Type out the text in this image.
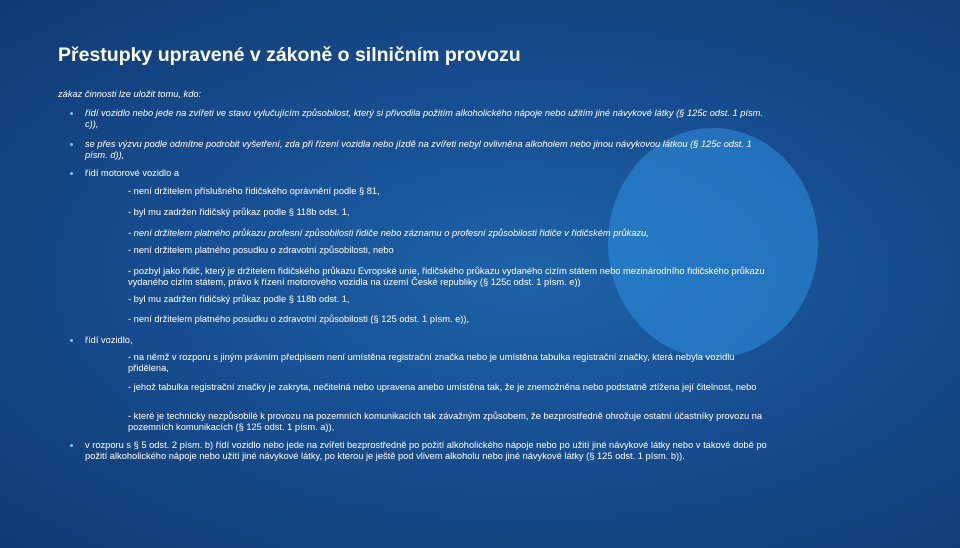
Přestupky upravené v zákoně o silničním provozu
zákaz činnosti lze uložit tomu, kdo:
řídí vozidlo nebo jede na zvířeti ve stavu vylučujícím způsobilost, který si přivodila požitím alkoholického nápoje nebo užitím jiné návykové látky (§ 125c odst. 1 písm. c)),
se přes výzvu podle odmítne podrobit vyšetření, zda při řízení vozidla nebo jízdě na zvířeti nebyl ovlivněna alkoholem nebo jinou návykovou látkou (§ 125c odst. 1 písm. d)),
řídí motorové vozidlo a
- není držitelem příslušného řidičského oprávnění podle § 81,
- byl mu zadržen řidičský průkaz podle § 118b odst. 1,
- není držitelem platného průkazu profesní způsobilosti řidiče nebo záznamu o profesní způsobilosti řidiče v řidičském průkazu,
- není držitelem platného posudku o zdravotní způsobilosti, nebo
- pozbyl jako řidič, který je držitelem řidičského průkazu Evropské unie, řidičského průkazu vydaného cizím státem nebo mezinárodního řidičského průkazu vydaného cizím státem, právo k řízení motorového vozidla na území České republiky (§ 125c odst. 1 písm. e))
- byl mu zadržen řidičský průkaz podle § 118b odst. 1,
- není držitelem platného posudku o zdravotní způsobilosti (§ 125 odst. 1 písm. e)),
řídí vozidlo,
- na němž v rozporu s jiným právním předpisem není umístěna registrační značka nebo je umístěna tabulka registrační značky, která nebyla vozidlu přidělena,
- jehož tabulka registrační značky je zakryta, nečitelná nebo upravena anebo umístěna tak, že je znemožněna nebo podstatně ztížena její čitelnost, nebo
- které je technicky nezpůsobilé k provozu na pozemních komunikacích tak závažným způsobem, že bezprostředně ohrožuje ostatní účastníky provozu na pozemních komunikacích (§ 125 odst. 1 písm. a)),
v rozporu s § 5 odst. 2 písm. b) řídí vozidlo nebo jede na zvířeti bezprostředně po požití alkoholického nápoje nebo po užití jiné návykové látky nebo v takové době po požití alkoholického nápoje nebo užití jiné návykové látky, po kterou je ještě pod vlivem alkoholu nebo jiné návykové látky (§ 125 odst. 1 písm. b)).
